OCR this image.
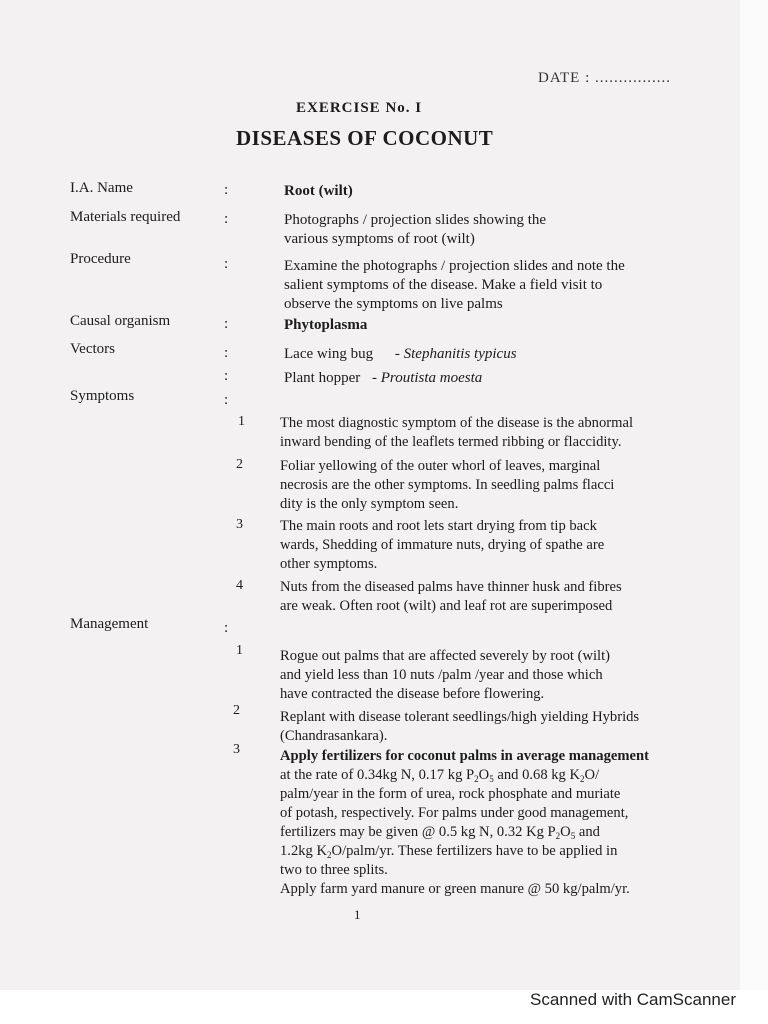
DATE : ................
EXERCISE No. I
DISEASES OF COCONUT
I.A. Name	:	Root (wilt)
Materials required	:	Photographs / projection slides showing the
various symptoms of root (wilt)
Procedure	:	Examine the photographs / projection slides and note the
salient symptoms of the disease. Make a field visit to
observe the symptoms on live palms
Causal organism	:	Phytoplasma
Vectors	:	Lace wing bug - Stephanitis typicus
:	Plant hopper - Proutista moesta
Symptoms	:
1 The most diagnostic symptom of the disease is the abnormal
inward bending of the leaflets termed ribbing or flaccidity.
2	Foliar yellowing of the outer whorl of leaves, marginal
necrosis are the other symptoms. In seedling palms flacci
dity is the only symptom seen.
3	The main roots and root lets start drying from tip back
wards, Shedding of immature nuts, drying of spathe are
other symptoms.
4	Nuts from the diseased palms have thinner husk and fibres
are weak. Often root (wilt) and leaf rot are superimposed
Management	:
1	Rogue out palms that are affected severely by root (wilt)
and yield less than 10 nuts /palm /year and those which
have contracted the disease before flowering.
2	Replant with disease tolerant seedlings/high yielding Hybrids
(Chandrasankara).
3	Apply fertilizers for coconut palms in average management
at the rate of 0.34kg N, 0.17 kg $P_2O_5$ and 0.68 kg $K_2O/$
palm/year in the form of urea, rock phosphate and muriate
of potash, respectively. For palms under good management,
fertilizers may be given @ 0.5 kg N, 0.32 Kg $P_2O_5$ and
1.2kg $K_2O/palm/yr$. These fertilizers have to be applied in
two to three splits.
Apply farm yard manure or green manure @ 50 kg/palm/yr.
1
Scanned with CamScanner
